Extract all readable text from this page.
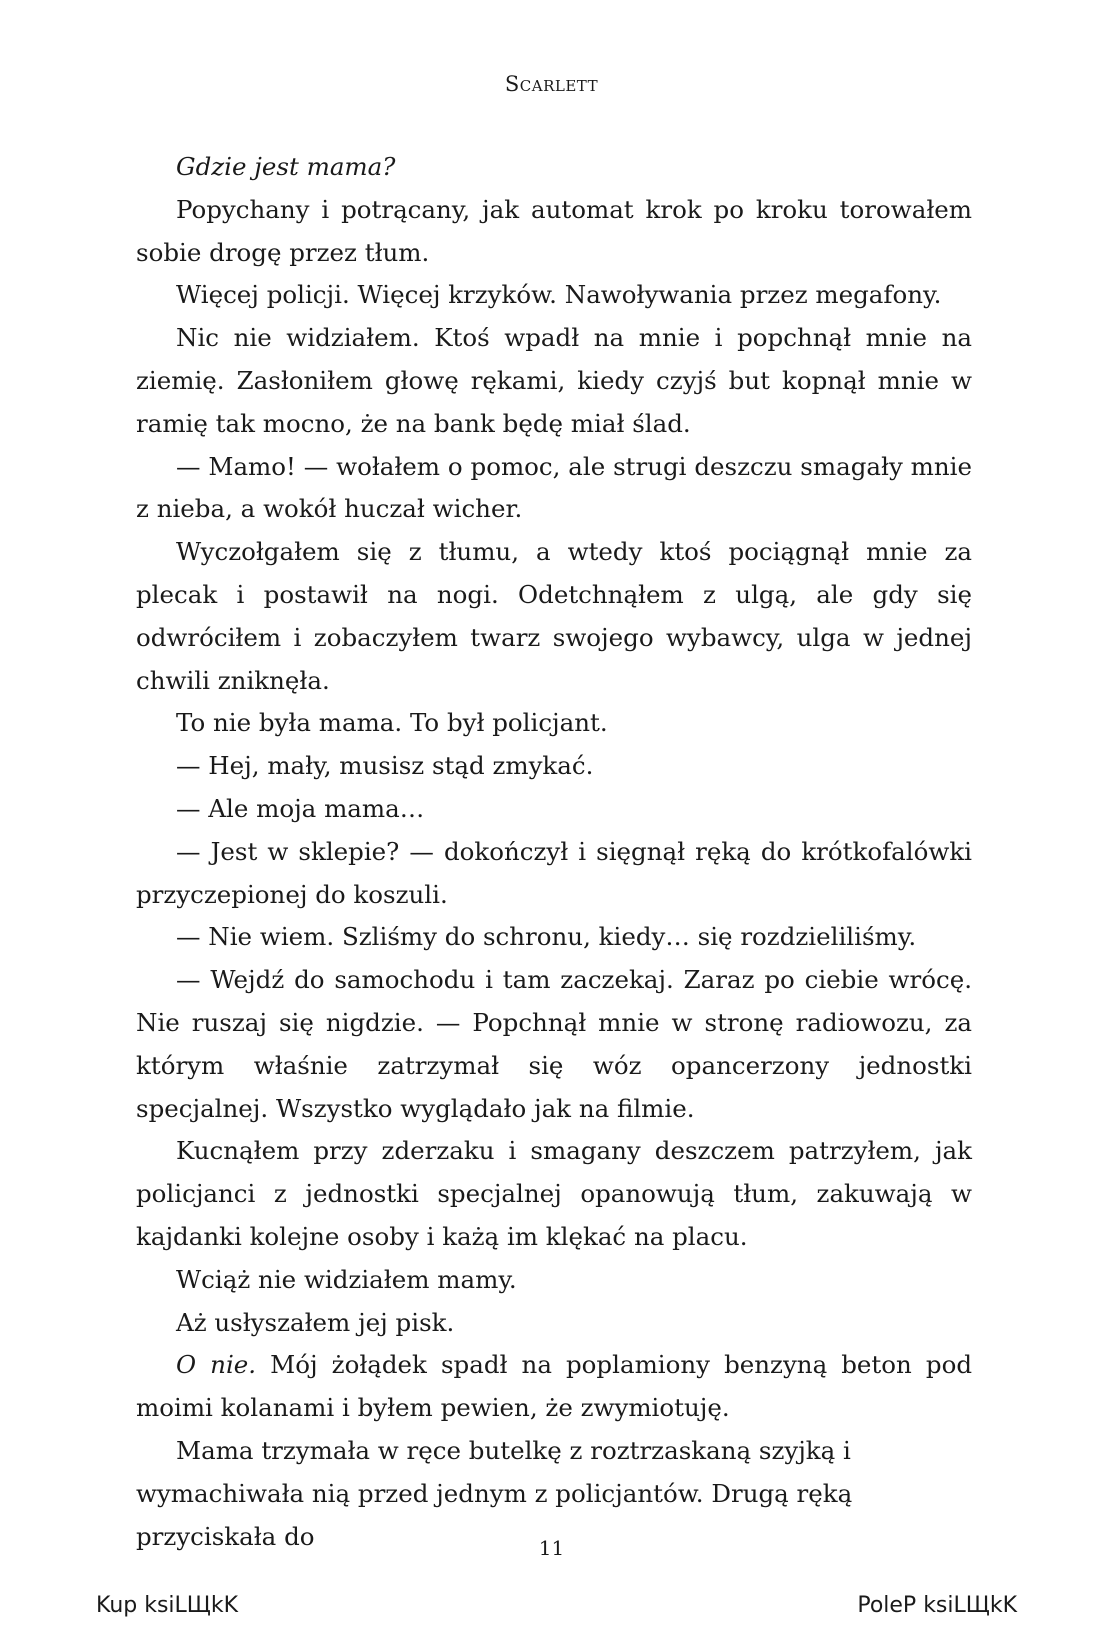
Scarlett

Gdzie jest mama?

Popychany i potrącany, jak automat krok po kroku torowałem sobie drogę przez tłum.

Więcej policji. Więcej krzyków. Nawoływania przez megafony.

Nic nie widziałem. Ktoś wpadł na mnie i popchnął mnie na ziemię. Zasłoniłem głowę rękami, kiedy czyjś but kopnął mnie w ramię tak mocno, że na bank będę miał ślad.

— Mamo! — wołałem o pomoc, ale strugi deszczu smagały mnie z nieba, a wokół huczał wicher.

Wyczołgałem się z tłumu, a wtedy ktoś pociągnął mnie za plecak i postawił na nogi. Odetchnąłem z ulgą, ale gdy się odwróciłem i zobaczyłem twarz swojego wybawcy, ulga w jednej chwili zniknęła.

To nie była mama. To był policjant.

— Hej, mały, musisz stąd zmykać.

— Ale moja mama…

— Jest w sklepie? — dokończył i sięgnął ręką do krótkofalówki przyczepionej do koszuli.

— Nie wiem. Szliśmy do schronu, kiedy… się rozdzieliliśmy.

— Wejdź do samochodu i tam zaczekaj. Zaraz po ciebie wrócę. Nie ruszaj się nigdzie. — Popchnął mnie w stronę radiowozu, za którym właśnie zatrzymał się wóz opancerzony jednostki specjalnej. Wszystko wyglądało jak na filmie.

Kucnąłem przy zderzaku i smagany deszczem patrzyłem, jak policjanci z jednostki specjalnej opanowują tłum, zakuwają w kajdanki kolejne osoby i każą im klękać na placu.

Wciąż nie widziałem mamy.

Aż usłyszałem jej pisk.

O nie. Mój żołądek spadł na poplamiony benzyną beton pod moimi kolanami i byłem pewien, że zwymiotuję.

Mama trzymała w ręce butelkę z roztrzaskaną szyjką i wymachiwała nią przed jednym z policjantów. Drugą ręką przyciskała do	11
Kup ksiLЩkK	PoleP ksiLЩkK
